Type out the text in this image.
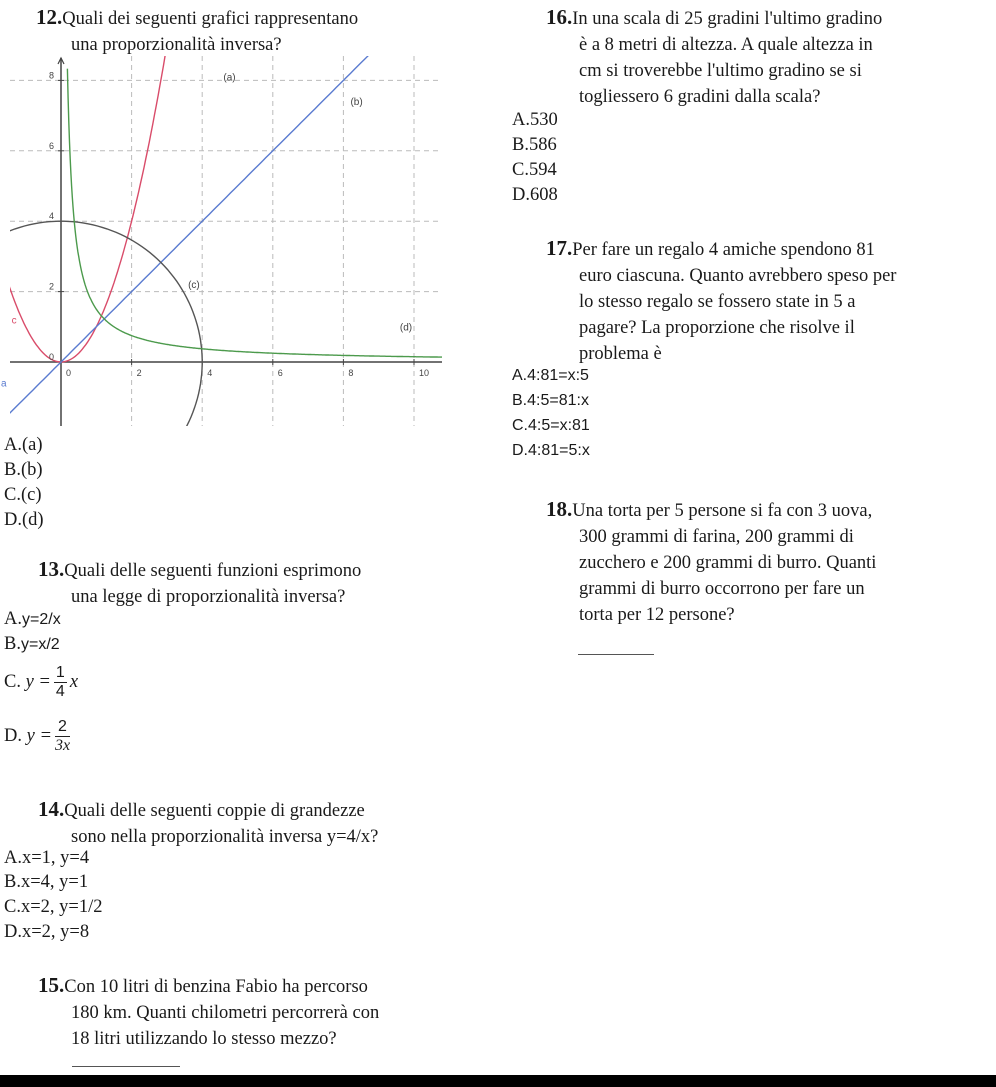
12.Quali dei seguenti grafici rappresentano
una proporzionalità inversa?
0	2	4	6	8	10
0
2
4
6
8	(a)
(b)
(c)
(d)
c
a
A.(a)
B.(b)
C.(c)
D.(d)
13.Quali delle seguenti funzioni esprimono
una legge di proporzionalità inversa?
A.y=2/x
B.y=x/2
C. $y = \frac{1}{4}$ x
D. $y = \frac{2}{3x}$
14.Quali delle seguenti coppie di grandezze
sono nella proporzionalità inversa y=4/x?
A.x=1, y=4
B.x=4, y=1
C.x=2, y=1/2
D.x=2, y=8
15.Con 10 litri di benzina Fabio ha percorso
180 km. Quanti chilometri percorrerà con
18 litri utilizzando lo stesso mezzo?
16.In una scala di 25 gradini l'ultimo gradino
è a 8 metri di altezza. A quale altezza in
cm si troverebbe l'ultimo gradino se si
togliessero 6 gradini dalla scala?
A.530
B.586
C.594
D.608
17.Per fare un regalo 4 amiche spendono 81
euro ciascuna. Quanto avrebbero speso per
lo stesso regalo se fossero state in 5 a
pagare? La proporzione che risolve il
problema è
A.4:81=x:5
B.4:5=81:x
C.4:5=x:81
D.4:81=5:x
18.Una torta per 5 persone si fa con 3 uova,
300 grammi di farina, 200 grammi di
zucchero e 200 grammi di burro. Quanti
grammi di burro occorrono per fare un
torta per 12 persone?
